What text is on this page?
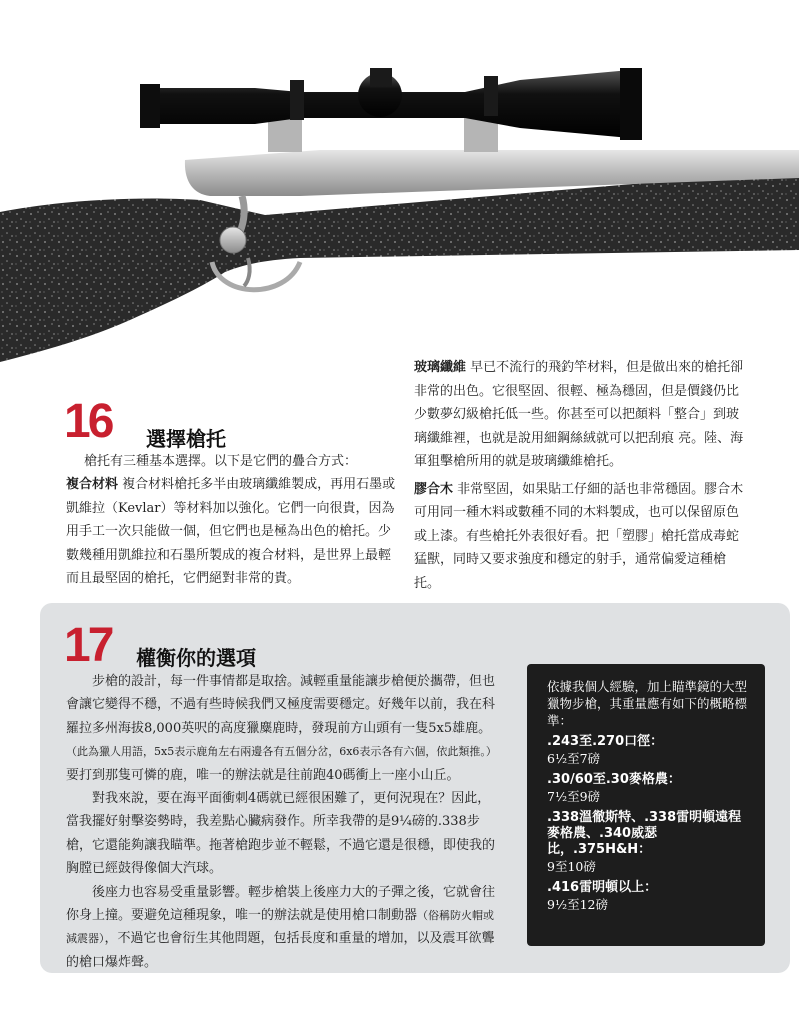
16 選擇槍托
槍托有三種基本選擇。以下是它們的疊合方式：
複合材料 複合材料槍托多半由玻璃纖維製成，再用石墨或凱維拉（Kevlar）等材料加以強化。它們一向很貴，因為用手工一次只能做一個，但它們也是極為出色的槍托。少數幾種用凱維拉和石墨所製成的複合材料，是世界上最輕而且最堅固的槍托，它們絕對非常的貴。

玻璃纖維 早已不流行的飛釣竿材料，但是做出來的槍托卻非常的出色。它很堅固、很輕、極為穩固，但是價錢仍比少數夢幻級槍托低一些。你甚至可以把顏料「整合」到玻璃纖維裡，也就是說用細鋼絲絨就可以把刮痕 亮。陸、海軍狙擊槍所用的就是玻璃纖維槍托。

膠合木 非常堅固，如果貼工仔細的話也非常穩固。膠合木可用同一種木料或數種不同的木料製成，也可以保留原色或上漆。有些槍托外表很好看。把「塑膠」槍托當成毒蛇猛獸，同時又要求強度和穩定的射手，通常偏愛這種槍托。

17 權衡你的選項

步槍的設計，每一件事情都是取捨。減輕重量能讓步槍便於攜帶，但也會讓它變得不穩，不過有些時候我們又極度需要穩定。好幾年以前，我在科羅拉多州海拔8,000英呎的高度獵麋鹿時，發現前方山頭有一隻5x5雄鹿。（此為獵人用語，5x5表示鹿角左右兩邊各有五個分岔，6x6表示各有六個，依此類推。）要打到那隻可憐的鹿，唯一的辦法就是往前跑40碼衝上一座小山丘。

對我來說，要在海平面衝刺4碼就已經很困難了，更何況現在？因此，當我擺好射擊姿勢時，我差點心臟病發作。所幸我帶的是9¼磅的.338步槍，它還能夠讓我瞄準。拖著槍跑步並不輕鬆，不過它還是很穩，即使我的胸膛已經鼓得像個大汽球。

後座力也容易受重量影響。輕步槍裝上後座力大的子彈之後，它就會往你身上撞。要避免這種現象，唯一的辦法就是使用槍口制動器（俗稱防火帽或減震器），不過它也會衍生其他問題，包括長度和重量的增加，以及震耳欲聾的槍口爆炸聲。

依據我個人經驗，加上瞄準鏡的大型獵物步槍，其重量應有如下的概略標準：
.243至.270口徑：
6½至7磅
.30/60至.30麥格農：
7½至9磅
.338溫徹斯特、.338雷明頓遠程麥格農、.340威瑟比，.375H&H：
9至10磅
.416雷明頓以上：
9½至12磅
